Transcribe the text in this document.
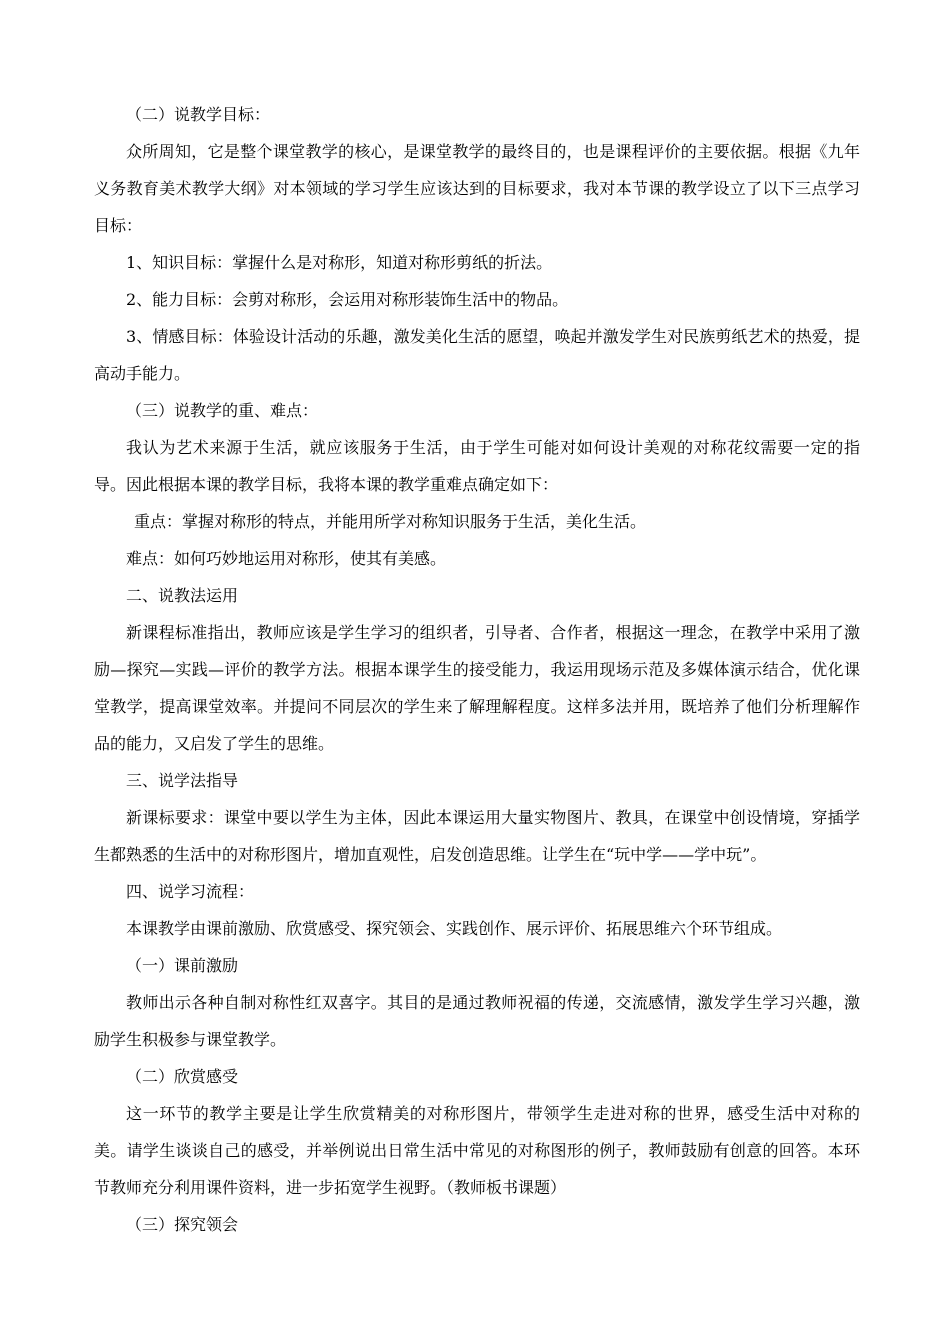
（二）说教学目标：

众所周知，它是整个课堂教学的核心，是课堂教学的最终目的，也是课程评价的主要依据。根据《九年义务教育美术教学大纲》对本领域的学习学生应该达到的目标要求，我对本节课的教学设立了以下三点学习目标：

1、知识目标：掌握什么是对称形，知道对称形剪纸的折法。

2、能力目标：会剪对称形，会运用对称形装饰生活中的物品。

3、情感目标：体验设计活动的乐趣，激发美化生活的愿望，唤起并激发学生对民族剪纸艺术的热爱，提高动手能力。

（三）说教学的重、难点：

我认为艺术来源于生活，就应该服务于生活，由于学生可能对如何设计美观的对称花纹需要一定的指导。因此根据本课的教学目标，我将本课的教学重难点确定如下：

重点：掌握对称形的特点，并能用所学对称知识服务于生活，美化生活。

难点：如何巧妙地运用对称形，使其有美感。

二、说教法运用

新课程标准指出，教师应该是学生学习的组织者，引导者、合作者，根据这一理念，在教学中采用了激励—探究—实践—评价的教学方法。根据本课学生的接受能力，我运用现场示范及多媒体演示结合，优化课堂教学，提高课堂效率。并提问不同层次的学生来了解理解程度。这样多法并用，既培养了他们分析理解作品的能力，又启发了学生的思维。

三、说学法指导

新课标要求：课堂中要以学生为主体，因此本课运用大量实物图片、教具，在课堂中创设情境，穿插学生都熟悉的生活中的对称形图片，增加直观性，启发创造思维。让学生在“玩中学——学中玩”。

四、说学习流程：

本课教学由课前激励、欣赏感受、探究领会、实践创作、展示评价、拓展思维六个环节组成。

（一）课前激励

教师出示各种自制对称性红双喜字。其目的是通过教师祝福的传递，交流感情，激发学生学习兴趣，激励学生积极参与课堂教学。

（二）欣赏感受

这一环节的教学主要是让学生欣赏精美的对称形图片，带领学生走进对称的世界，感受生活中对称的美。请学生谈谈自己的感受，并举例说出日常生活中常见的对称图形的例子，教师鼓励有创意的回答。本环节教师充分利用课件资料，进一步拓宽学生视野。（教师板书课题）

（三）探究领会
